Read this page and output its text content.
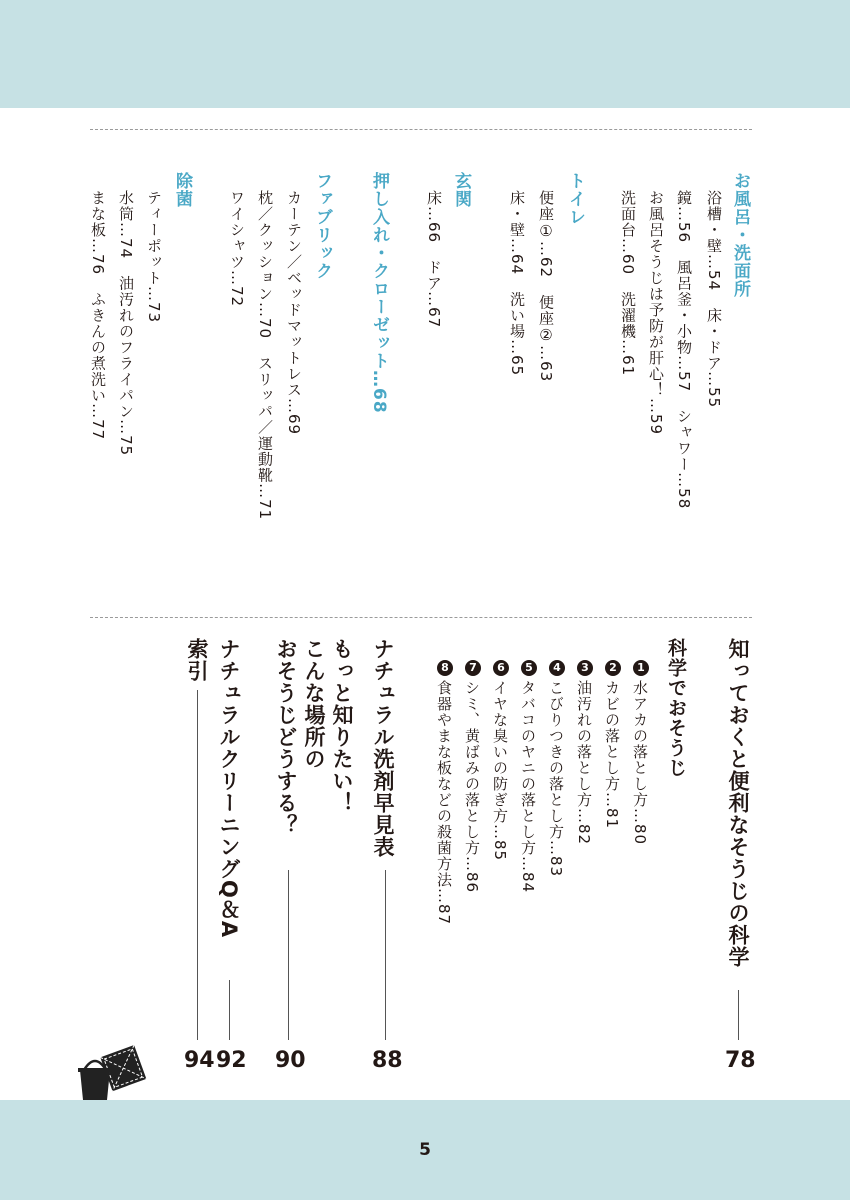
お風呂・洗面所
浴槽・壁…54　床・ドア…55
鏡…56　風呂釜・小物…57　シャワー…58
お風呂そうじは予防が肝心！…59
洗面台…60　洗濯機…61
トイレ
便座①…62　便座②…63
床・壁…64　洗い場…65
玄関
床…66　ドア…67
押し入れ・クローゼット…68
ファブリック
カーテン／ベッドマットレス…69
枕／クッション…70　スリッパ／運動靴…71
ワイシャツ…72
除菌
ティーポット…73
水筒…74　油汚れのフライパン…75
まな板…76　ふきんの煮洗い…77
知っておくと便利なそうじの科学
78
科学でおそうじ
1
水アカの落とし方…80
2
カビの落とし方…81
3
油汚れの落とし方…82
4
こびりつきの落とし方…83
5
タバコのヤニの落とし方…84
6
イヤな臭いの防ぎ方…85
7
シミ、黄ばみの落とし方…86
8
食器やまな板などの殺菌方法…87
ナチュラル洗剤早見表
88
もっと知りたい！
こんな場所の
おそうじどうする？
90
ナチュラルクリーニングQ＆A
92
索引
94
5
